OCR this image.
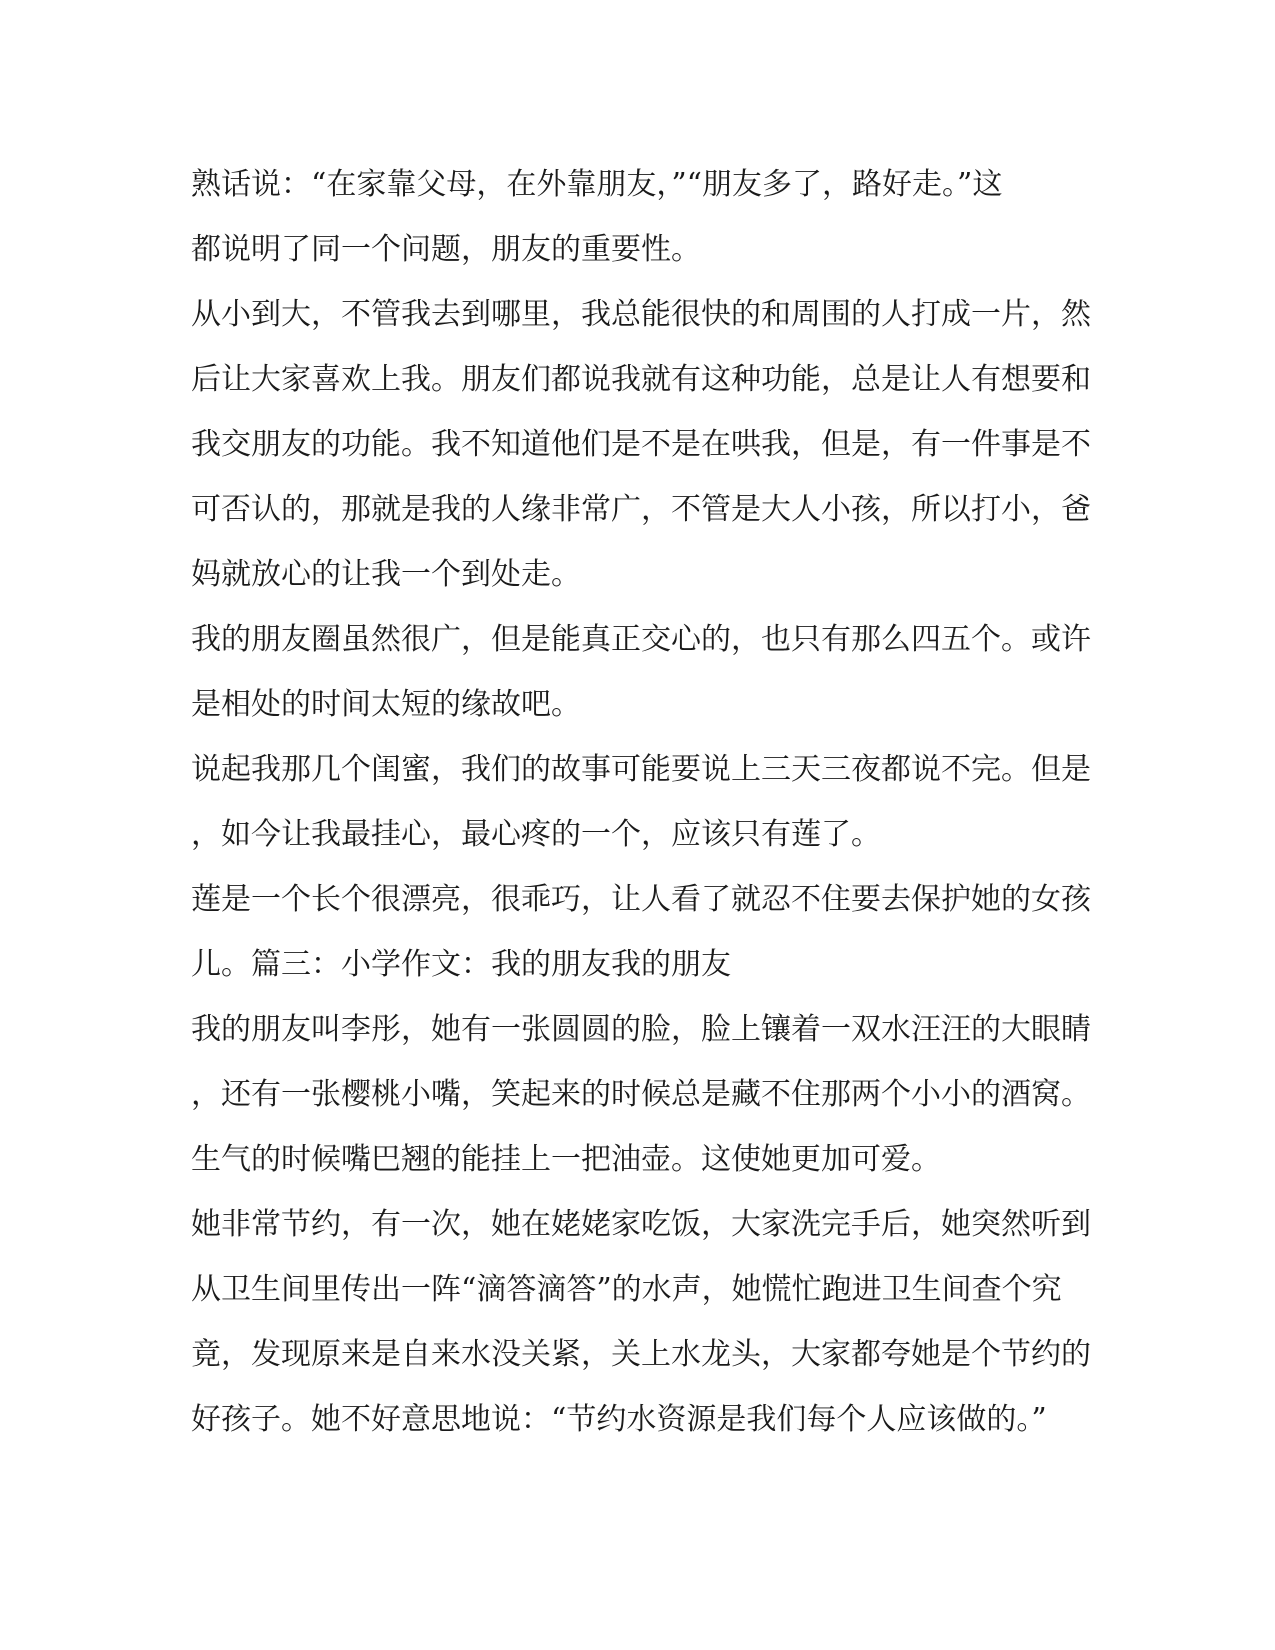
熟话说：“在家靠父母，在外靠朋友，”“朋友多了，路好走。”这
都说明了同一个问题，朋友的重要性。
从小到大，不管我去到哪里，我总能很快的和周围的人打成一片，然
后让大家喜欢上我。朋友们都说我就有这种功能，总是让人有想要和
我交朋友的功能。我不知道他们是不是在哄我，但是，有一件事是不
可否认的，那就是我的人缘非常广，不管是大人小孩，所以打小，爸
妈就放心的让我一个到处走。
我的朋友圈虽然很广，但是能真正交心的，也只有那么四五个。或许
是相处的时间太短的缘故吧。
说起我那几个闺蜜，我们的故事可能要说上三天三夜都说不完。但是
，如今让我最挂心，最心疼的一个，应该只有莲了。
莲是一个长个很漂亮，很乖巧，让人看了就忍不住要去保护她的女孩
儿。篇三：小学作文：我的朋友我的朋友
我的朋友叫李彤，她有一张圆圆的脸，脸上镶着一双水汪汪的大眼睛
，还有一张樱桃小嘴，笑起来的时候总是藏不住那两个小小的酒窝。
生气的时候嘴巴翘的能挂上一把油壶。这使她更加可爱。
她非常节约，有一次，她在姥姥家吃饭，大家洗完手后，她突然听到
从卫生间里传出一阵“滴答滴答”的水声，她慌忙跑进卫生间查个究
竟，发现原来是自来水没关紧，关上水龙头，大家都夸她是个节约的
好孩子。她不好意思地说：“节约水资源是我们每个人应该做的。”
